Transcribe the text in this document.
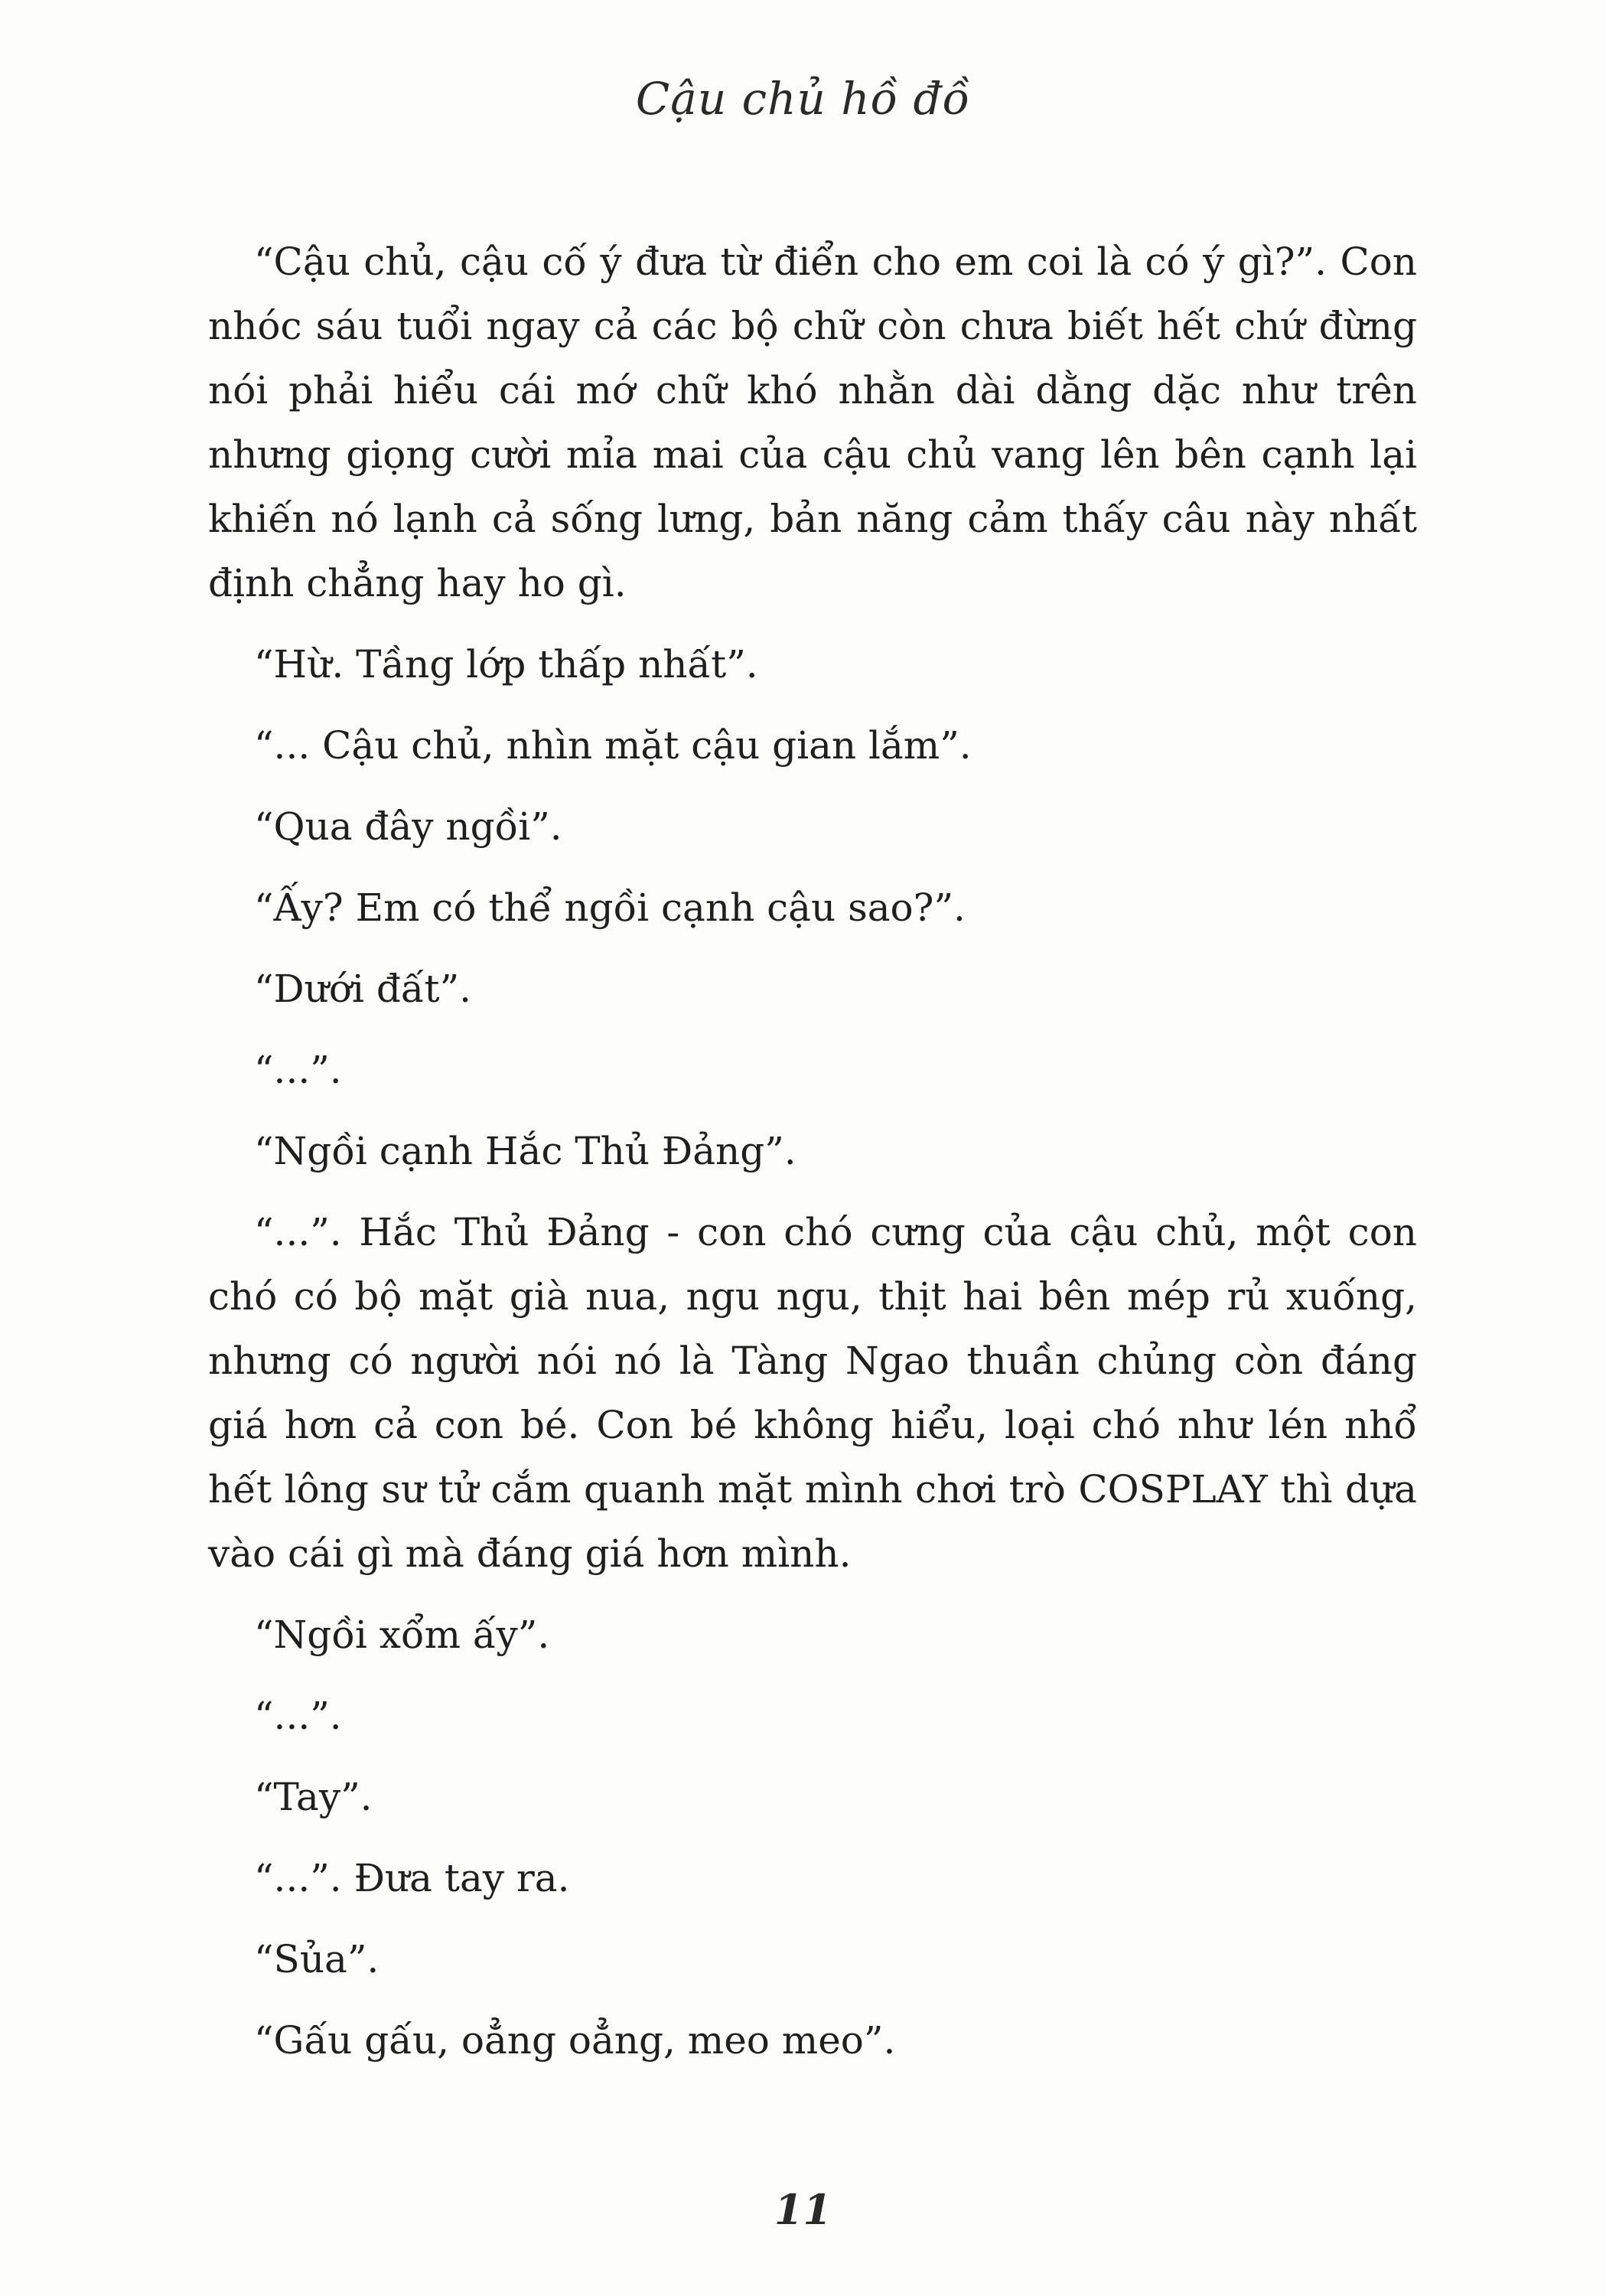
Cậu chủ hồ đồ

“Cậu chủ, cậu cố ý đưa từ điển cho em coi là có ý gì?”. Con nhóc sáu tuổi ngay cả các bộ chữ còn chưa biết hết chứ đừng nói phải hiểu cái mớ chữ khó nhằn dài dằng dặc như trên nhưng giọng cười mỉa mai của cậu chủ vang lên bên cạnh lại khiến nó lạnh cả sống lưng, bản năng cảm thấy câu này nhất định chẳng hay ho gì.

“Hừ. Tầng lớp thấp nhất”.

“... Cậu chủ, nhìn mặt cậu gian lắm”.

“Qua đây ngồi”.

“Ấy? Em có thể ngồi cạnh cậu sao?”.

“Dưới đất”.

“...”.

“Ngồi cạnh Hắc Thủ Đảng”.

“...”. Hắc Thủ Đảng - con chó cưng của cậu chủ, một con chó có bộ mặt già nua, ngu ngu, thịt hai bên mép rủ xuống, nhưng có người nói nó là Tàng Ngao thuần chủng còn đáng giá hơn cả con bé. Con bé không hiểu, loại chó như lén nhổ hết lông sư tử cắm quanh mặt mình chơi trò COSPLAY thì dựa vào cái gì mà đáng giá hơn mình.

“Ngồi xổm ấy”.

“...”.

“Tay”.

“...”. Đưa tay ra.

“Sủa”.

“Gấu gấu, oẳng oẳng, meo meo”.

11
